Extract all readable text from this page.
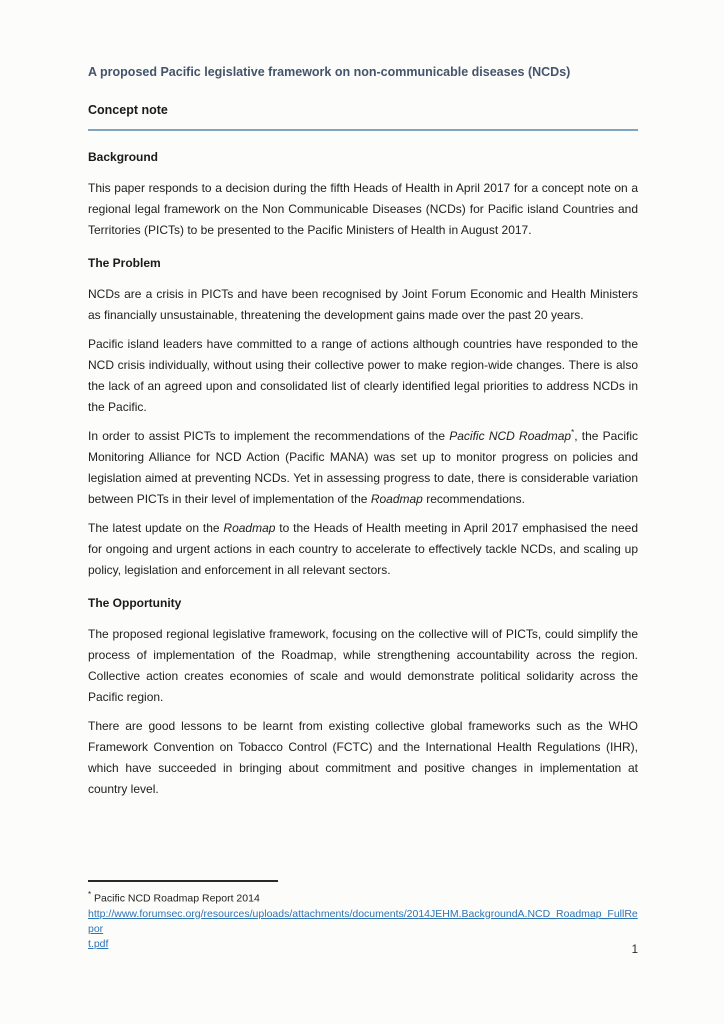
A proposed Pacific legislative framework on non-communicable diseases (NCDs)
Concept note
Background

This paper responds to a decision during the fifth Heads of Health in April 2017 for a concept note on a regional legal framework on the Non Communicable Diseases (NCDs) for Pacific island Countries and Territories (PICTs) to be presented to the Pacific Ministers of Health in August 2017.

The Problem

NCDs are a crisis in PICTs and have been recognised by Joint Forum Economic and Health Ministers as financially unsustainable, threatening the development gains made over the past 20 years.

Pacific island leaders have committed to a range of actions although countries have responded to the NCD crisis individually, without using their collective power to make region-wide changes. There is also the lack of an agreed upon and consolidated list of clearly identified legal priorities to address NCDs in the Pacific.

In order to assist PICTs to implement the recommendations of the Pacific NCD Roadmap*, the Pacific Monitoring Alliance for NCD Action (Pacific MANA) was set up to monitor progress on policies and legislation aimed at preventing NCDs. Yet in assessing progress to date, there is considerable variation between PICTs in their level of implementation of the Roadmap recommendations.

The latest update on the Roadmap to the Heads of Health meeting in April 2017 emphasised the need for ongoing and urgent actions in each country to accelerate to effectively tackle NCDs, and scaling up policy, legislation and enforcement in all relevant sectors.

The Opportunity

The proposed regional legislative framework, focusing on the collective will of PICTs, could simplify the process of implementation of the Roadmap, while strengthening accountability across the region. Collective action creates economies of scale and would demonstrate political solidarity across the Pacific region.

There are good lessons to be learnt from existing collective global frameworks such as the WHO Framework Convention on Tobacco Control (FCTC) and the International Health Regulations (IHR), which have succeeded in bringing about commitment and positive changes in implementation at country level.

* Pacific NCD Roadmap Report 2014
http://www.forumsec.org/resources/uploads/attachments/documents/2014JEHM.BackgroundA.NCD_Roadmap_FullRepor
t.pdf
1
